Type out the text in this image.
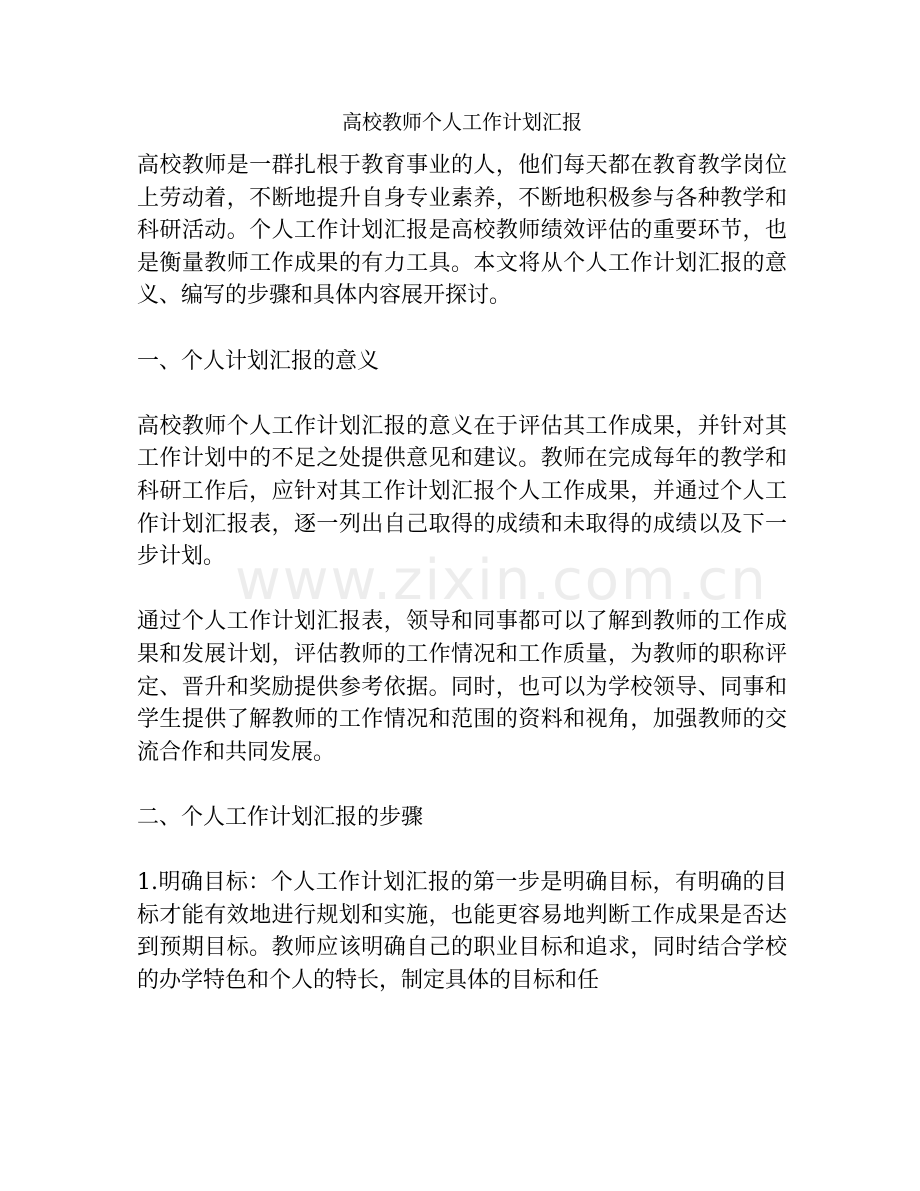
高校教师个人工作计划汇报

高校教师是一群扎根于教育事业的人，他们每天都在教育教学岗位上劳动着，不断地提升自身专业素养，不断地积极参与各种教学和科研活动。个人工作计划汇报是高校教师绩效评估的重要环节，也是衡量教师工作成果的有力工具。本文将从个人工作计划汇报的意义、编写的步骤和具体内容展开探讨。

一、个人计划汇报的意义

高校教师个人工作计划汇报的意义在于评估其工作成果，并针对其工作计划中的不足之处提供意见和建议。教师在完成每年的教学和科研工作后，应针对其工作计划汇报个人工作成果，并通过个人工作计划汇报表，逐一列出自己取得的成绩和未取得的成绩以及下一步计划。

通过个人工作计划汇报表，领导和同事都可以了解到教师的工作成果和发展计划，评估教师的工作情况和工作质量，为教师的职称评定、晋升和奖励提供参考依据。同时，也可以为学校领导、同事和学生提供了解教师的工作情况和范围的资料和视角，加强教师的交流合作和共同发展。

二、个人工作计划汇报的步骤

1.明确目标：个人工作计划汇报的第一步是明确目标，有明确的目标才能有效地进行规划和实施，也能更容易地判断工作成果是否达到预期目标。教师应该明确自己的职业目标和追求，同时结合学校的办学特色和个人的特长，制定具体的目标和任

www.zixin.com.cn
